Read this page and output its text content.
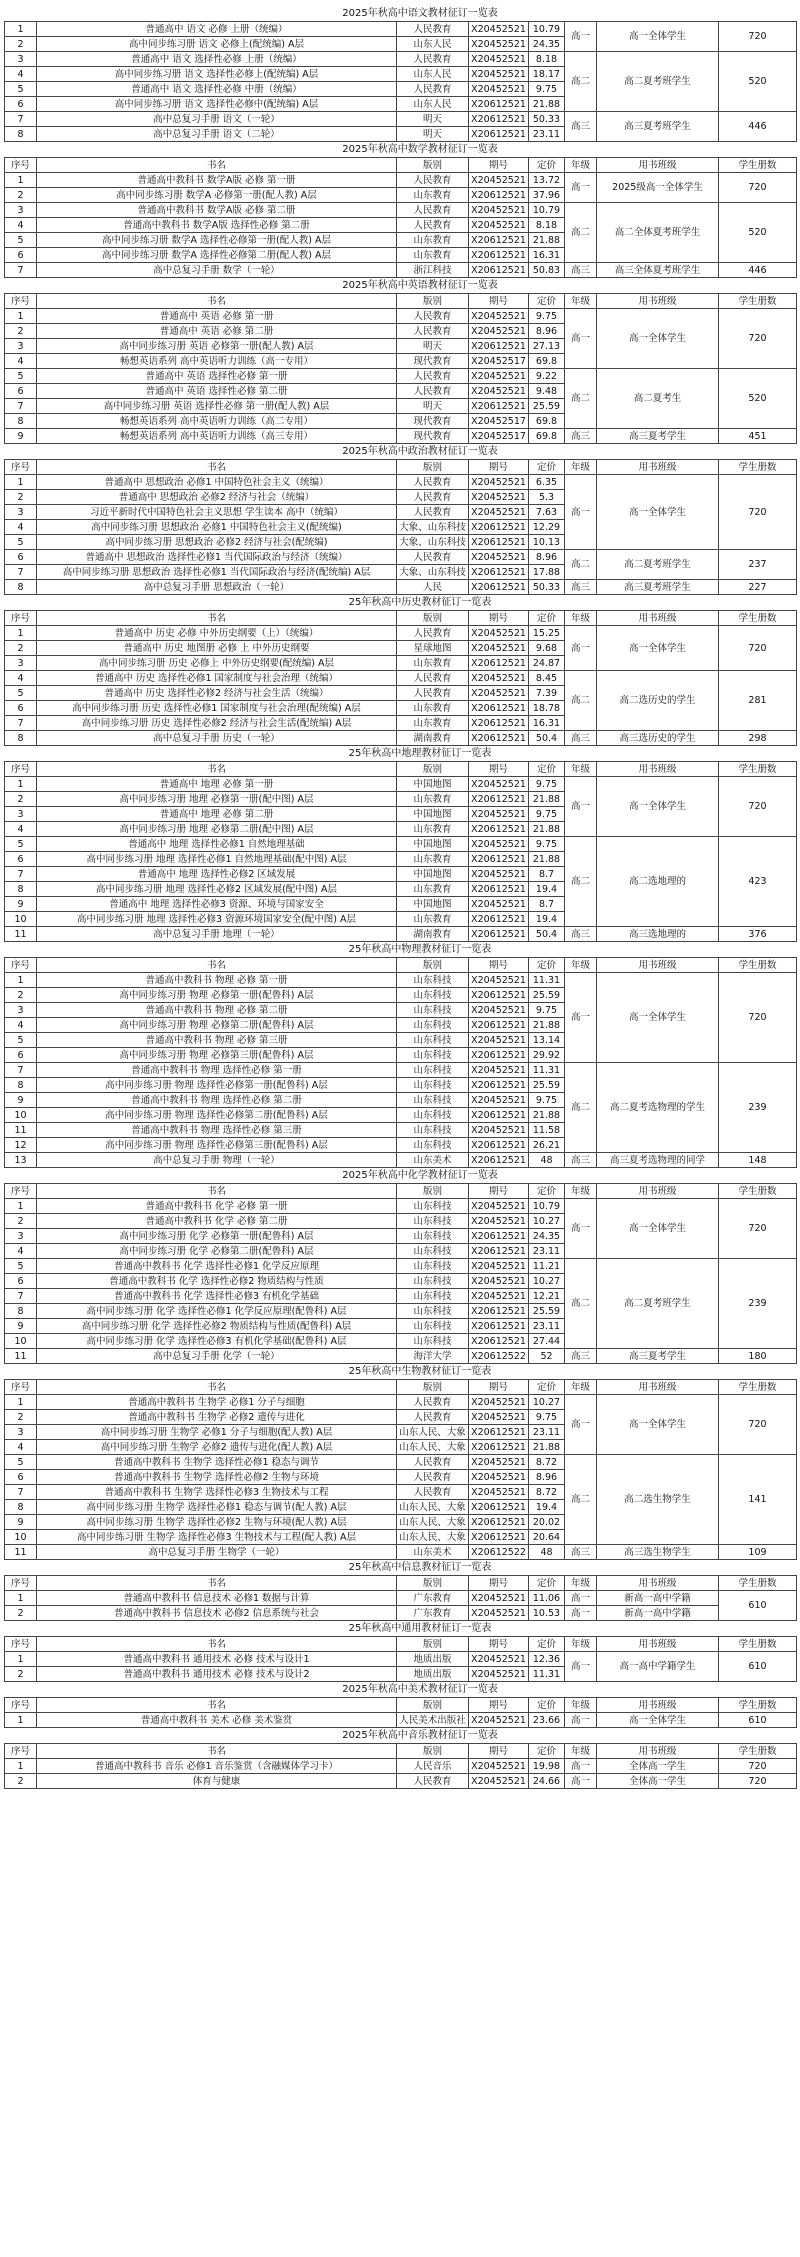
2025年秋高中语文教材征订一览表
1	普通高中 语文 必修 上册（统编）	人民教育	X20452521	10.79	高一	高一全体学生	720
2	高中同步练习册 语文 必修上(配统编) A层	山东人民	X20452521	24.35			
3	普通高中 语文 选择性必修 上册（统编）	人民教育	X20452521	8.18	高二	高二夏考班学生	520
4	高中同步练习册 语文 选择性必修上(配统编) A层	山东人民	X20452521	18.17			
5	普通高中 语文 选择性必修 中册（统编）	人民教育	X20452521	9.75			
6	高中同步练习册 语文 选择性必修中(配统编) A层	山东人民	X20612521	21.88			
7	高中总复习手册 语文（一轮）	明天	X20612521	50.33	高三	高三夏考班学生	446
8	高中总复习手册 语文（二轮）	明天	X20612521	23.11			
2025年秋高中数学教材征订一览表
序号	书名	版别	期号	定价	年级	用书班级	学生册数
1	普通高中教科书 数学A版 必修 第一册	人民教育	X20452521	13.72	高一	2025级高一全体学生	720
2	高中同步练习册 数学A 必修第一册(配人教) A层	山东教育	X20612521	37.96			
3	普通高中教科书 数学A版 必修 第二册	人民教育	X20452521	10.79	高二	高二全体夏考班学生	520
4	普通高中教科书 数学A版 选择性必修 第二册	人民教育	X20452521	8.18			
5	高中同步练习册 数学A 选择性必修第一册(配人教) A层	山东教育	X20612521	21.88			
6	高中同步练习册 数学A 选择性必修第二册(配人教) A层	山东教育	X20612521	16.31			
7	高中总复习手册 数学（一轮）	浙江科技	X20612521	50.83	高三	高三全体夏考班学生	446
2025年秋高中英语教材征订一览表
序号	书名	版别	期号	定价	年级	用书班级	学生册数
1	普通高中 英语 必修 第一册	人民教育	X20452521	9.75	高一	高一全体学生	720
2	普通高中 英语 必修 第二册	人民教育	X20452521	8.96			
3	高中同步练习册 英语 必修第一册(配人教) A层	明天	X20612521	27.13			
4	畅想英语系列 高中英语听力训练（高一专用）	现代教育	X20452517	69.8			
5	普通高中 英语 选择性必修 第一册	人民教育	X20452521	9.22	高二	高二夏考生	520
6	普通高中 英语 选择性必修 第二册	人民教育	X20452521	9.48			
7	高中同步练习册 英语 选择性必修 第一册(配人教) A层	明天	X20612521	25.59			
8	畅想英语系列 高中英语听力训练（高二专用）	现代教育	X20452517	69.8			
9	畅想英语系列 高中英语听力训练（高三专用）	现代教育	X20452517	69.8	高三	高三夏考学生	451
2025年秋高中政治教材征订一览表
序号	书名	版别	期号	定价	年级	用书班级	学生册数
1	普通高中 思想政治 必修1 中国特色社会主义（统编）	人民教育	X20452521	6.35	高一	高一全体学生	720
2	普通高中 思想政治 必修2 经济与社会（统编）	人民教育	X20452521	5.3			
3	习近平新时代中国特色社会主义思想 学生读本 高中（统编）	人民教育	X20452521	7.63			
4	高中同步练习册 思想政治 必修1 中国特色社会主义(配统编)	大象、山东科技	X20612521	12.29			
5	高中同步练习册 思想政治 必修2 经济与社会(配统编)	大象、山东科技	X20612521	10.13			
6	普通高中 思想政治 选择性必修1 当代国际政治与经济（统编）	人民教育	X20452521	8.96	高二	高二夏考班学生	237
7	高中同步练习册 思想政治 选择性必修1 当代国际政治与经济(配统编) A层	大象、山东科技	X20612521	17.88			
8	高中总复习手册 思想政治（一轮）	人民	X20612521	50.33	高三	高三夏考班学生	227
25年秋高中历史教材征订一览表
序号	书名	版别	期号	定价	年级	用书班级	学生册数
1	普通高中 历史 必修 中外历史纲要（上）（统编）	人民教育	X20452521	15.25	高一	高一全体学生	720
2	普通高中 历史 地图册 必修 上 中外历史纲要	星球地图	X20452521	9.68			
3	高中同步练习册 历史 必修上 中外历史纲要(配统编) A层	山东教育	X20612521	24.87			
4	普通高中 历史 选择性必修1 国家制度与社会治理（统编）	人民教育	X20452521	8.45	高二	高二选历史的学生	281
5	普通高中 历史 选择性必修2 经济与社会生活（统编）	人民教育	X20452521	7.39			
6	高中同步练习册 历史 选择性必修1 国家制度与社会治理(配统编) A层	山东教育	X20612521	18.78			
7	高中同步练习册 历史 选择性必修2 经济与社会生活(配统编) A层	山东教育	X20612521	16.31			
8	高中总复习手册 历史（一轮）	湖南教育	X20612521	50.4	高三	高三选历史的学生	298
25年秋高中地理教材征订一览表
序号	书名	版别	期号	定价	年级	用书班级	学生册数
1	普通高中 地理 必修 第一册	中国地图	X20452521	9.75	高一	高一全体学生	720
2	高中同步练习册 地理 必修第一册(配中图) A层	山东教育	X20612521	21.88			
3	普通高中 地理 必修 第二册	中国地图	X20452521	9.75			
4	高中同步练习册 地理 必修第二册(配中图) A层	山东教育	X20612521	21.88			
5	普通高中 地理 选择性必修1 自然地理基础	中国地图	X20452521	9.75	高二	高二选地理的	423
6	高中同步练习册 地理 选择性必修1 自然地理基础(配中图) A层	山东教育	X20612521	21.88			
7	普通高中 地理 选择性必修2 区域发展	中国地图	X20452521	8.7			
8	高中同步练习册 地理 选择性必修2 区域发展(配中图) A层	山东教育	X20612521	19.4			
9	普通高中 地理 选择性必修3 资源、环境与国家安全	中国地图	X20452521	8.7			
10	高中同步练习册 地理 选择性必修3 资源环境国家安全(配中图) A层	山东教育	X20612521	19.4			
11	高中总复习手册 地理（一轮）	湖南教育	X20612521	50.4	高三	高三选地理的	376
25年秋高中物理教材征订一览表
序号	书名	版别	期号	定价	年级	用书班级	学生册数
1	普通高中教科书 物理 必修 第一册	山东科技	X20452521	11.31	高一	高一全体学生	720
2	高中同步练习册 物理 必修第一册(配鲁科) A层	山东科技	X20612521	25.59			
3	普通高中教科书 物理 必修 第二册	山东科技	X20452521	9.75			
4	高中同步练习册 物理 必修第二册(配鲁科) A层	山东科技	X20612521	21.88			
5	普通高中教科书 物理 必修 第三册	山东科技	X20452521	13.14			
6	高中同步练习册 物理 必修第三册(配鲁科) A层	山东科技	X20612521	29.92			
7	普通高中教科书 物理 选择性必修 第一册	山东科技	X20452521	11.31	高二	高二夏考选物理的学生	239
8	高中同步练习册 物理 选择性必修第一册(配鲁科) A层	山东科技	X20612521	25.59			
9	普通高中教科书 物理 选择性必修 第二册	山东科技	X20452521	9.75			
10	高中同步练习册 物理 选择性必修第二册(配鲁科) A层	山东科技	X20612521	21.88			
11	普通高中教科书 物理 选择性必修 第三册	山东科技	X20452521	11.58			
12	高中同步练习册 物理 选择性必修第三册(配鲁科) A层	山东科技	X20612521	26.21			
13	高中总复习手册 物理（一轮）	山东美术	X20612521	48	高三	高三夏考选物理的同学	148
2025年秋高中化学教材征订一览表
序号	书名	版别	期号	定价	年级	用书班级	学生册数
1	普通高中教科书 化学 必修 第一册	山东科技	X20452521	10.79	高一	高一全体学生	720
2	普通高中教科书 化学 必修 第二册	山东科技	X20452521	10.27			
3	高中同步练习册 化学 必修第一册(配鲁科) A层	山东科技	X20612521	24.35			
4	高中同步练习册 化学 必修第二册(配鲁科) A层	山东科技	X20612521	23.11			
5	普通高中教科书 化学 选择性必修1 化学反应原理	山东科技	X20452521	11.21	高二	高二夏考班学生	239
6	普通高中教科书 化学 选择性必修2 物质结构与性质	山东科技	X20452521	10.27			
7	普通高中教科书 化学 选择性必修3 有机化学基础	山东科技	X20452521	12.21			
8	高中同步练习册 化学 选择性必修1 化学反应原理(配鲁科) A层	山东科技	X20612521	25.59			
9	高中同步练习册 化学 选择性必修2 物质结构与性质(配鲁科) A层	山东科技	X20612521	23.11			
10	高中同步练习册 化学 选择性必修3 有机化学基础(配鲁科) A层	山东科技	X20612521	27.44			
11	高中总复习手册 化学（一轮）	海洋大学	X20612522	52	高三	高三夏考学生	180
25年秋高中生物教材征订一览表
序号	书名	版别	期号	定价	年级	用书班级	学生册数
1	普通高中教科书 生物学 必修1 分子与细胞	人民教育	X20452521	10.27	高一	高一全体学生	720
2	普通高中教科书 生物学 必修2 遗传与进化	人民教育	X20452521	9.75			
3	高中同步练习册 生物学 必修1 分子与细胞(配人教) A层	山东人民、大象	X20612521	23.11			
4	高中同步练习册 生物学 必修2 遗传与进化(配人教) A层	山东人民、大象	X20612521	21.88			
5	普通高中教科书 生物学 选择性必修1 稳态与调节	人民教育	X20452521	8.72	高二	高二选生物学生	141
6	普通高中教科书 生物学 选择性必修2 生物与环境	人民教育	X20452521	8.96			
7	普通高中教科书 生物学 选择性必修3 生物技术与工程	人民教育	X20452521	8.72			
8	高中同步练习册 生物学 选择性必修1 稳态与调节(配人教) A层	山东人民、大象	X20612521	19.4			
9	高中同步练习册 生物学 选择性必修2 生物与环境(配人教) A层	山东人民、大象	X20612521	20.02			
10	高中同步练习册 生物学 选择性必修3 生物技术与工程(配人教) A层	山东人民、大象	X20612521	20.64			
11	高中总复习手册 生物学（一轮）	山东美术	X20612522	48	高三	高三选生物学生	109
25年秋高中信息教材征订一览表
序号	书名	版别	期号	定价	年级	用书班级	学生册数
1	普通高中教科书 信息技术 必修1 数据与计算	广东教育	X20452521	11.06	高一	新高一高中学籍	610
2	普通高中教科书 信息技术 必修2 信息系统与社会	广东教育	X20452521	10.53	高一	新高一高中学籍	
25年秋高中通用教材征订一览表
序号	书名	版别	期号	定价	年级	用书班级	学生册数
1	普通高中教科书 通用技术 必修 技术与设计1	地质出版	X20452521	12.36	高一	高一高中学籍学生	610
2	普通高中教科书 通用技术 必修 技术与设计2	地质出版	X20452521	11.31			
2025年秋高中美术教材征订一览表
序号	书名	版别	期号	定价	年级	用书班级	学生册数
1	普通高中教科书 美术 必修 美术鉴赏	人民美术出版社	X20452521	23.66	高一	高一全体学生	610
2025年秋高中音乐教材征订一览表
序号	书名	版别	期号	定价	年级	用书班级	学生册数
1	普通高中教科书 音乐 必修1 音乐鉴赏（含融媒体学习卡）	人民音乐	X20452521	19.98	高一	全体高一学生	720
2	体育与健康	人民教育	X20452521	24.66	高一	全体高一学生	720
